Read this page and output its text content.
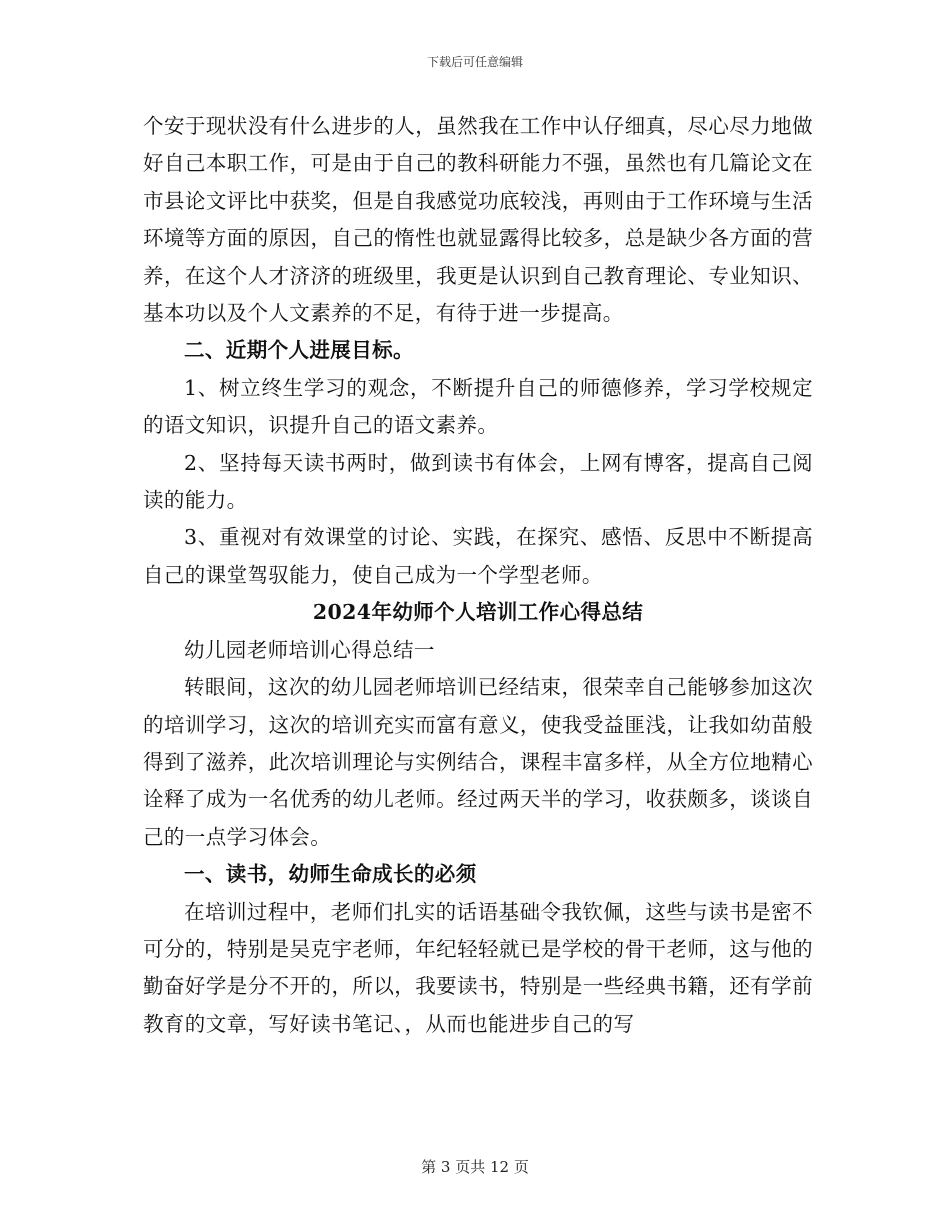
下载后可任意编辑

个安于现状没有什么进步的人，虽然我在工作中认仔细真，尽心尽力地做好自己本职工作，可是由于自己的教科研能力不强，虽然也有几篇论文在市县论文评比中获奖，但是自我感觉功底较浅，再则由于工作环境与生活环境等方面的原因，自己的惰性也就显露得比较多，总是缺少各方面的营养，在这个人才济济的班级里，我更是认识到自己教育理论、专业知识、基本功以及个人文素养的不足，有待于进一步提高。

二、近期个人进展目标。

1、树立终生学习的观念，不断提升自己的师德修养，学习学校规定的语文知识，识提升自己的语文素养。

2、坚持每天读书两时，做到读书有体会，上网有博客，提高自己阅读的能力。

3、重视对有效课堂的讨论、实践，在探究、感悟、反思中不断提高自己的课堂驾驭能力，使自己成为一个学型老师。

2024年幼师个人培训工作心得总结

幼儿园老师培训心得总结一

转眼间，这次的幼儿园老师培训已经结束，很荣幸自己能够参加这次的培训学习，这次的培训充实而富有意义，使我受益匪浅，让我如幼苗般得到了滋养，此次培训理论与实例结合，课程丰富多样，从全方位地精心诠释了成为一名优秀的幼儿老师。经过两天半的学习，收获颇多，谈谈自己的一点学习体会。

一、读书，幼师生命成长的必须

在培训过程中，老师们扎实的话语基础令我钦佩，这些与读书是密不可分的，特别是吴克宇老师，年纪轻轻就已是学校的骨干老师，这与他的勤奋好学是分不开的，所以，我要读书，特别是一些经典书籍，还有学前教育的文章，写好读书笔记、，从而也能进步自己的写

第 3 页共 12 页
